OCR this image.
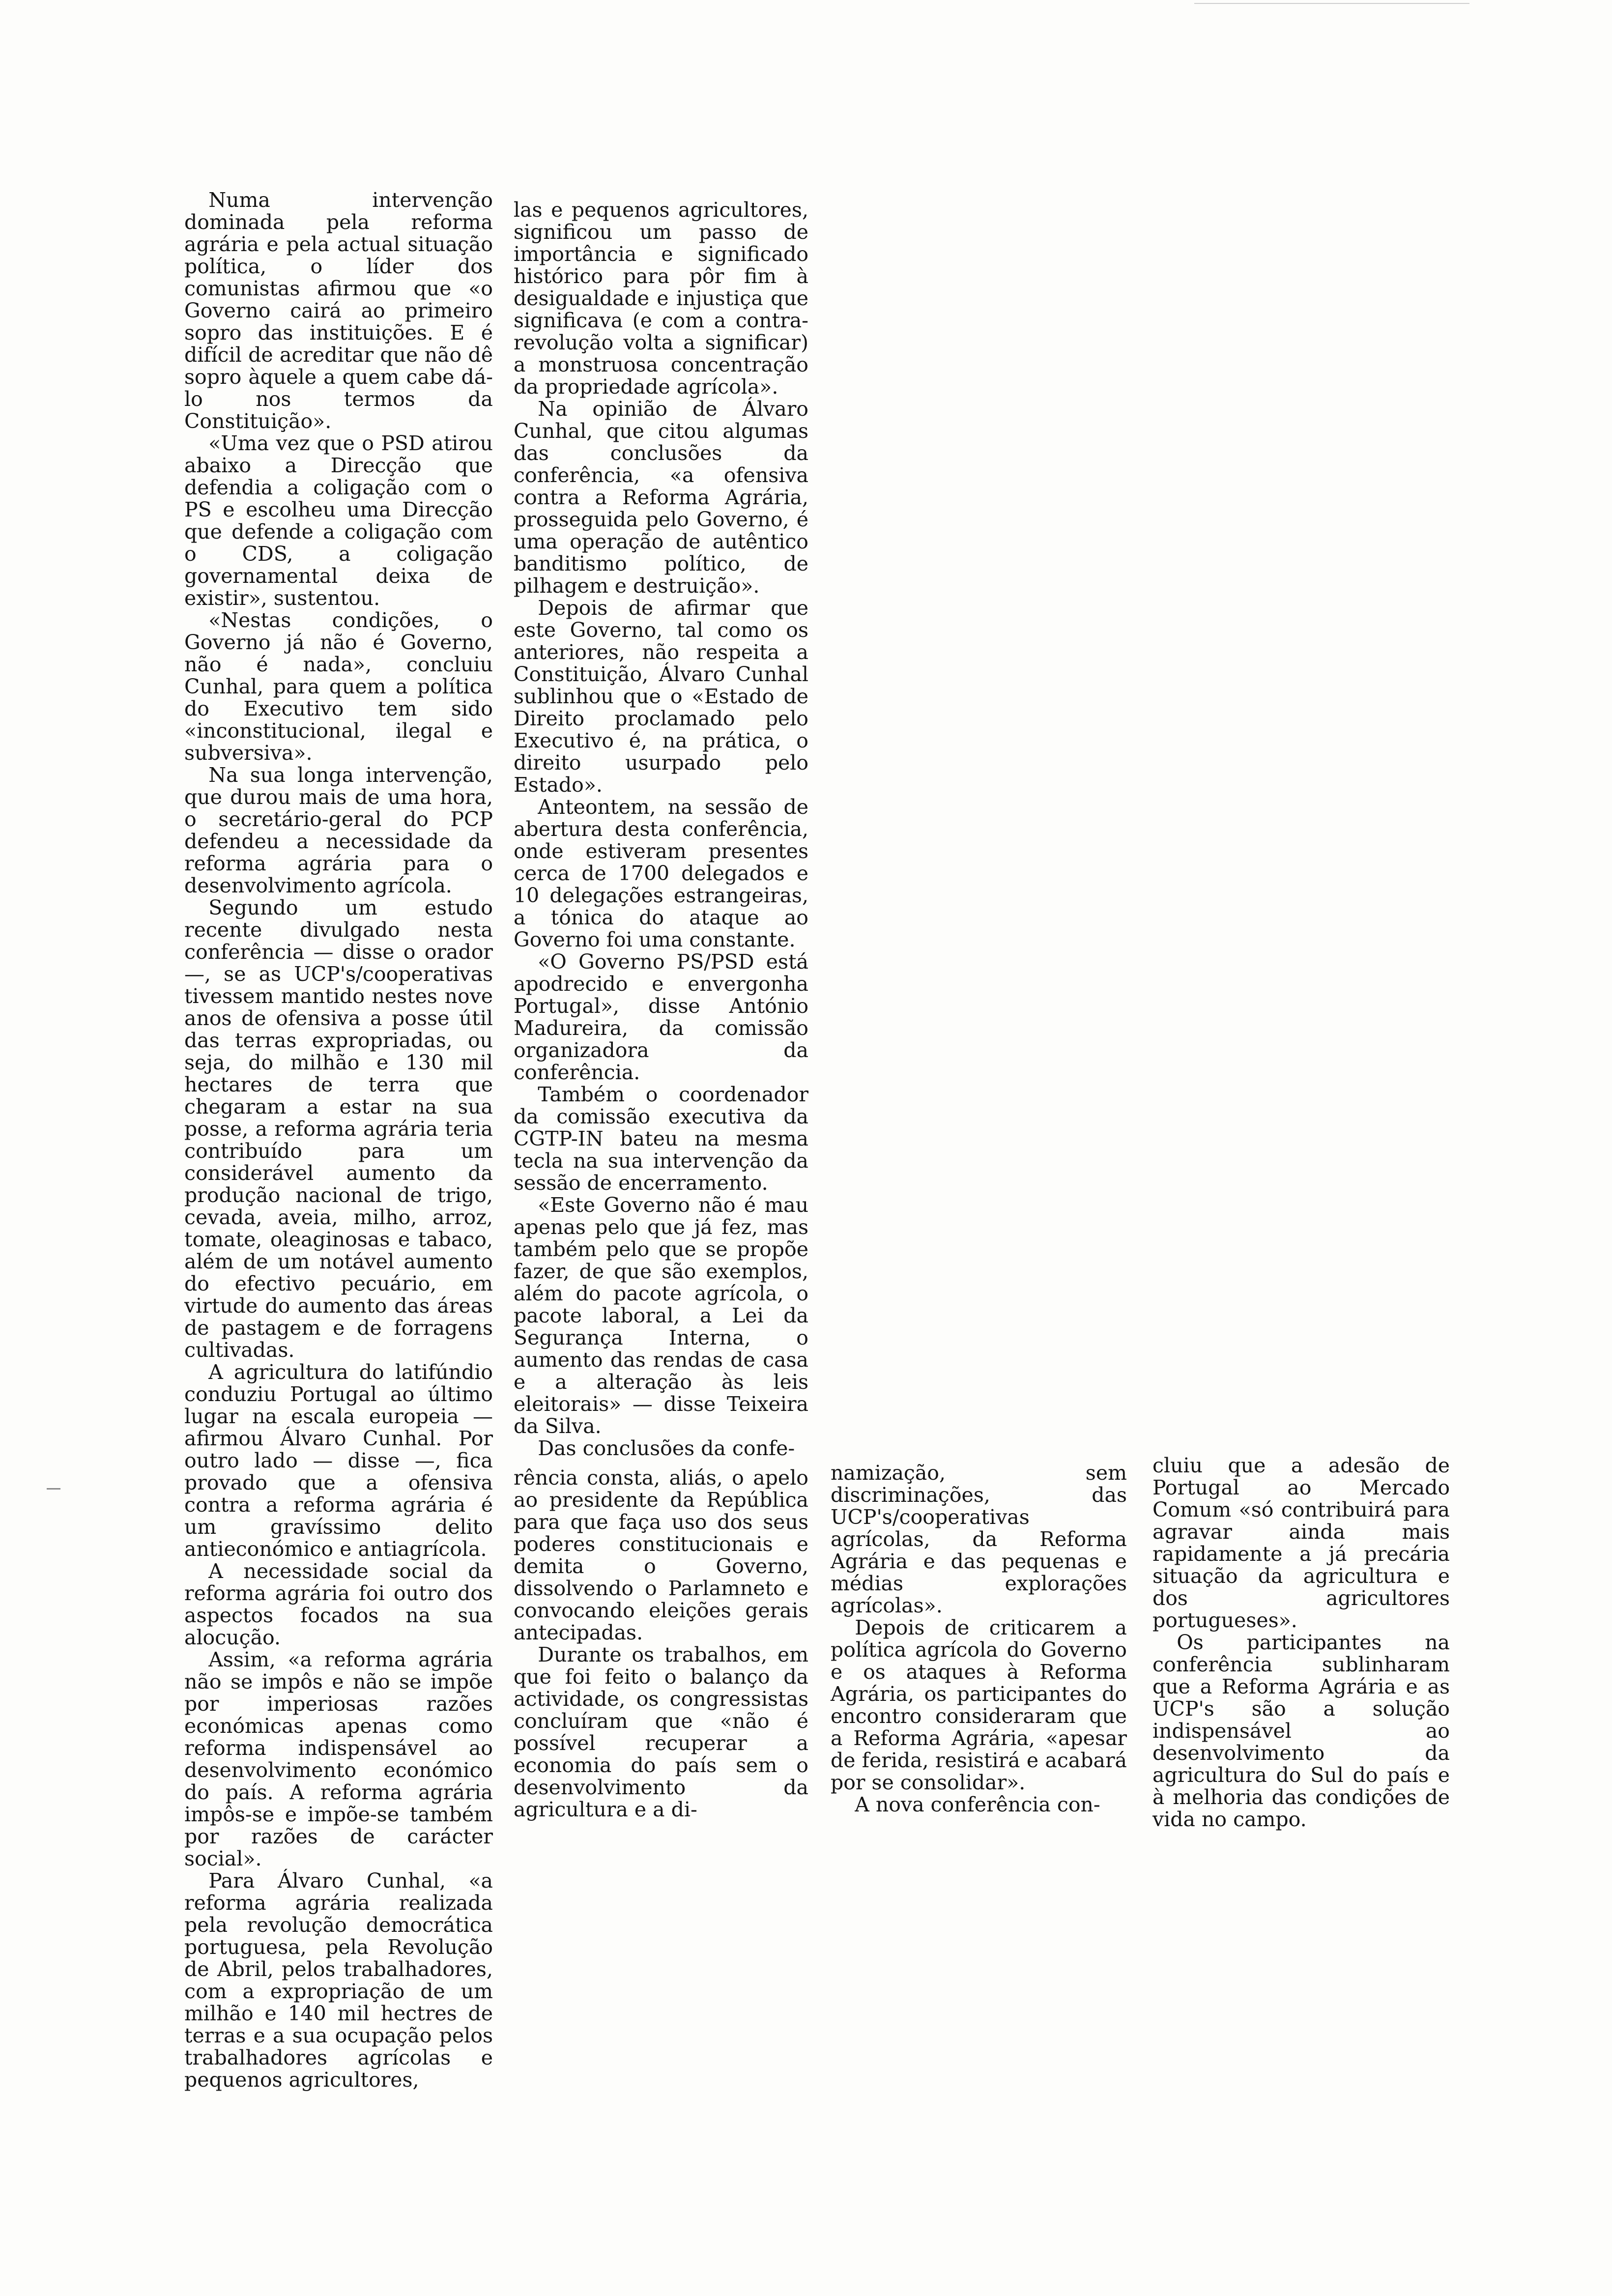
Numa intervenção dominada pela reforma agrária e pela actual situação política, o líder dos comunistas afirmou que «o Governo cairá ao primeiro sopro das instituições. E é difícil de acreditar que não dê sopro àquele a quem cabe dá-lo nos termos da Constituição».

«Uma vez que o PSD atirou abaixo a Direcção que defendia a coligação com o PS e escolheu uma Direcção que defende a coligação com o CDS, a coligação governamental deixa de existir», sustentou.

«Nestas condições, o Governo já não é Governo, não é nada», concluiu Cunhal, para quem a política do Executivo tem sido «inconstitucional, ilegal e subversiva».

Na sua longa intervenção, que durou mais de uma hora, o secretário-geral do PCP defendeu a necessidade da reforma agrária para o desenvolvimento agrícola.

Segundo um estudo recente divulgado nesta conferência — disse o orador —, se as UCP's/cooperativas tivessem mantido nestes nove anos de ofensiva a posse útil das terras expropriadas, ou seja, do milhão e 130 mil hectares de terra que chegaram a estar na sua posse, a reforma agrária teria contribuído para um considerável aumento da produção nacional de trigo, cevada, aveia, milho, arroz, tomate, oleaginosas e tabaco, além de um notável aumento do efectivo pecuário, em virtude do aumento das áreas de pastagem e de forragens cultivadas.

A agricultura do latifúndio conduziu Portugal ao último lugar na escala europeia — afirmou Álvaro Cunhal. Por outro lado — disse —, fica provado que a ofensiva contra a reforma agrária é um gravíssimo delito antieconómico e antiagrícola.

A necessidade social da reforma agrária foi outro dos aspectos focados na sua alocução.

Assim, «a reforma agrária não se impôs e não se impõe por imperiosas razões económicas apenas como reforma indispensável ao desenvolvimento económico do país. A reforma agrária impôs-se e impõe-se também por razões de carácter social».

Para Álvaro Cunhal, «a reforma agrária realizada pela revolução democrática portuguesa, pela Revolução de Abril, pelos trabalhadores, com a expropriação de um milhão e 140 mil hectres de terras e a sua ocupação pelos trabalhadores agrícolas e pequenos agricultores,

las e pequenos agricultores, significou um passo de importância e significado histórico para pôr fim à desigualdade e injustiça que significava (e com a contra-revolução volta a significar) a monstruosa concentração da propriedade agrícola».

Na opinião de Álvaro Cunhal, que citou algumas das conclusões da conferência, «a ofensiva contra a Reforma Agrária, prosseguida pelo Governo, é uma operação de autêntico banditismo político, de pilhagem e destruição».

Depois de afirmar que este Governo, tal como os anteriores, não respeita a Constituição, Álvaro Cunhal sublinhou que o «Estado de Direito proclamado pelo Executivo é, na prática, o direito usurpado pelo Estado».

Anteontem, na sessão de abertura desta conferência, onde estiveram presentes cerca de 1700 delegados e 10 delegações estrangeiras, a tónica do ataque ao Governo foi uma constante.

«O Governo PS/PSD está apodrecido e envergonha Portugal», disse António Madureira, da comissão organizadora da conferência.

Também o coordenador da comissão executiva da CGTP-IN bateu na mesma tecla na sua intervenção da sessão de encerramento.

«Este Governo não é mau apenas pelo que já fez, mas também pelo que se propõe fazer, de que são exemplos, além do pacote agrícola, o pacote laboral, a Lei da Segurança Interna, o aumento das rendas de casa e a alteração às leis eleitorais» — disse Teixeira da Silva.

Das conclusões da confe-

rência consta, aliás, o apelo ao presidente da República para que faça uso dos seus poderes constitucionais e demita o Governo, dissolvendo o Parlamneto e convocando eleições gerais antecipadas.

Durante os trabalhos, em que foi feito o balanço da actividade, os congressistas concluíram que «não é possível recuperar a economia do país sem o desenvolvimento da agricultura e a di-

namização, sem discriminações, das UCP's/cooperativas agrícolas, da Reforma Agrária e das pequenas e médias explorações agrícolas».

Depois de criticarem a política agrícola do Governo e os ataques à Reforma Agrária, os participantes do encontro consideraram que a Reforma Agrária, «apesar de ferida, resistirá e acabará por se consolidar».

A nova conferência con-

cluiu que a adesão de Portugal ao Mercado Comum «só contribuirá para agravar ainda mais rapidamente a já precária situação da agricultura e dos agricultores portugueses».

Os participantes na conferência sublinharam que a Reforma Agrária e as UCP's são a solução indispensável ao desenvolvimento da agricultura do Sul do país e à melhoria das condições de vida no campo.
